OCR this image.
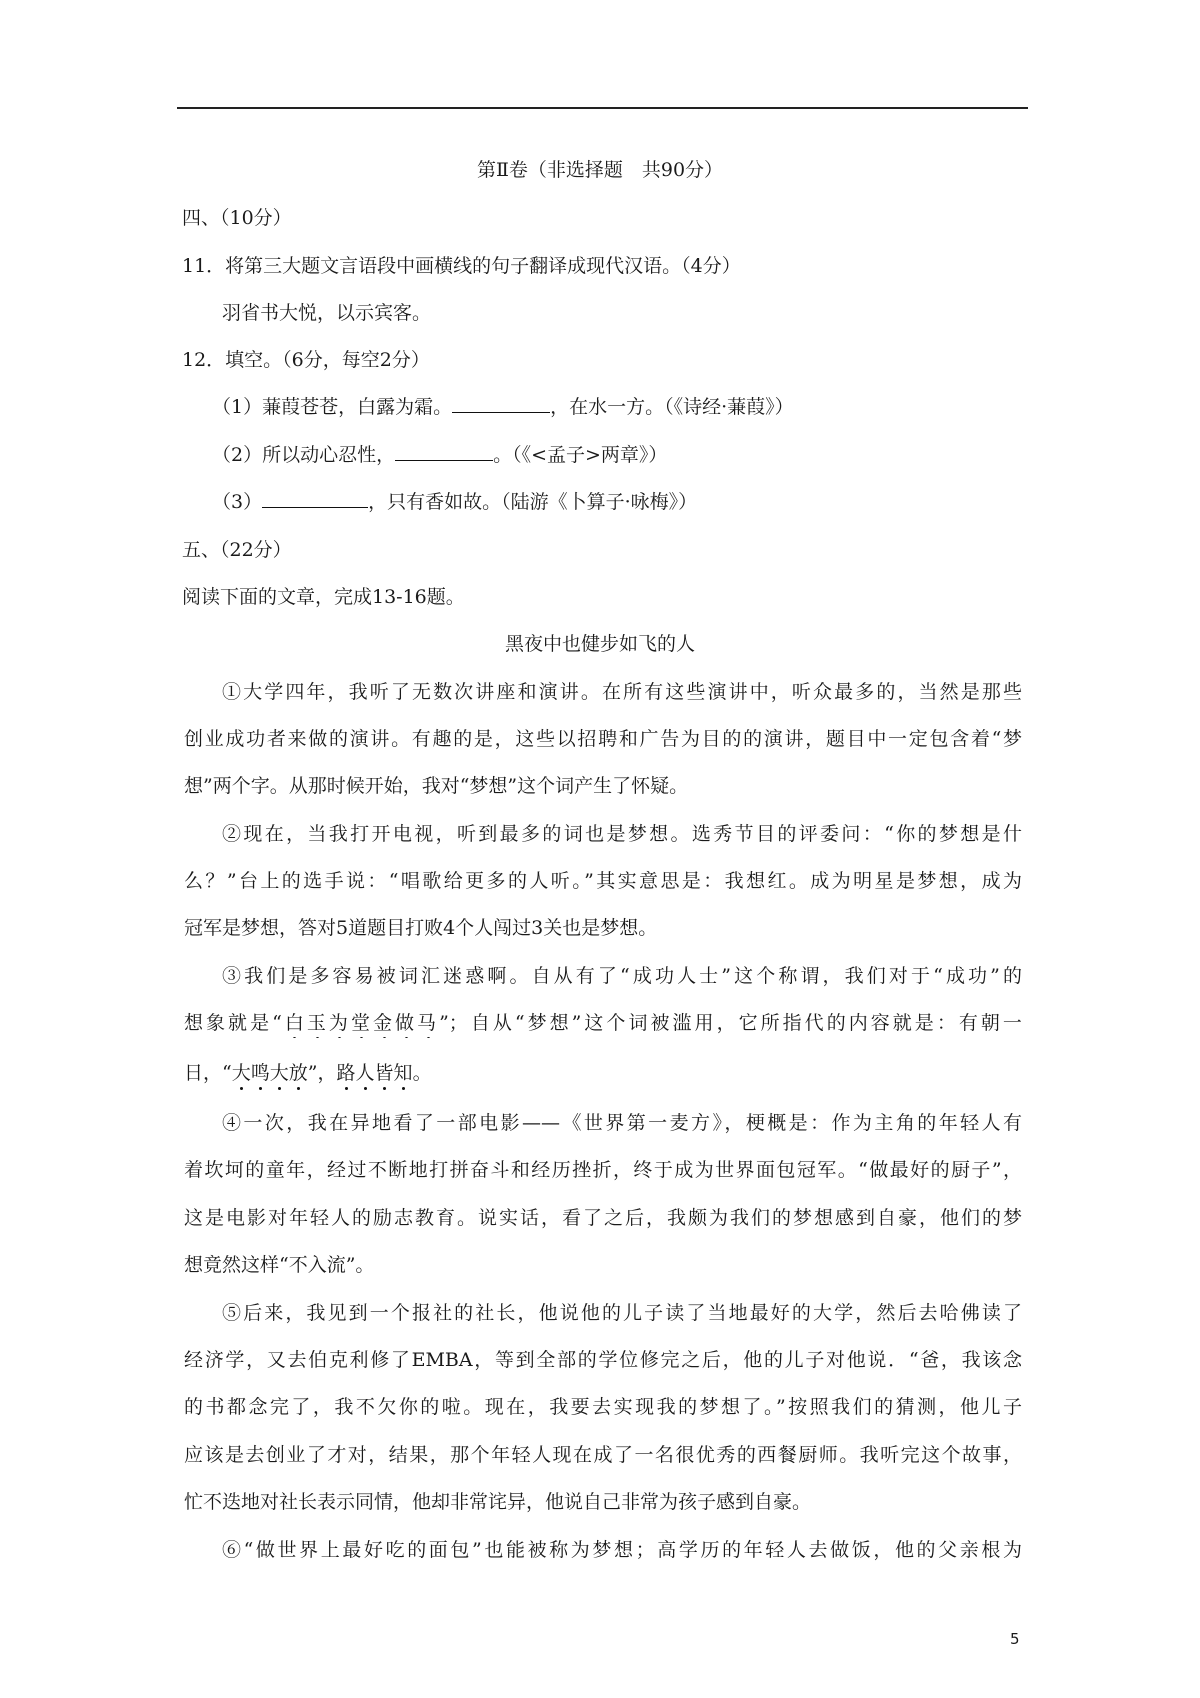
第Ⅱ卷（非选择题　共90分）
四、（10分）
11．将第三大题文言语段中画横线的句子翻译成现代汉语。（4分）
羽省书大悦，以示宾客。
12．填空。（6分，每空2分）
（1）蒹葭苍苍，白露为霜。	，在水一方。（《诗经·蒹葭》）
（2）所以动心忍性，	。（《<孟子>两章》）
（3）	，只有香如故。（陆游《卜算子·咏梅》）
五、（22分）
阅读下面的文章，完成13-16题。
黑夜中也健步如飞的人
①大学四年，我听了无数次讲座和演讲。在所有这些演讲中，听众最多的，当然是那些
创业成功者来做的演讲。有趣的是，这些以招聘和广告为目的的演讲，题目中一定包含着“梦
想”两个字。从那时候开始，我对“梦想”这个词产生了怀疑。
②现在，当我打开电视，听到最多的词也是梦想。选秀节目的评委问：“你的梦想是什
么？”台上的选手说：“唱歌给更多的人听。”其实意思是：我想红。成为明星是梦想，成为
冠军是梦想，答对5道题目打败4个人闯过3关也是梦想。
③我们是多容易被词汇迷惑啊。自从有了“成功人士”这个称谓，我们对于“成功”的
想象就是“白玉为堂金做马”；自从“梦想”这个词被滥用，它所指代的内容就是：有朝一
日，“大鸣大放”，路人皆知。
④一次，我在异地看了一部电影——《世界第一麦方》，梗概是：作为主角的年轻人有
着坎坷的童年，经过不断地打拼奋斗和经历挫折，终于成为世界面包冠军。“做最好的厨子”，
这是电影对年轻人的励志教育。说实话，看了之后，我颇为我们的梦想感到自豪，他们的梦
想竟然这样“不入流”。
⑤后来，我见到一个报社的社长，他说他的儿子读了当地最好的大学，然后去哈佛读了
经济学，又去伯克利修了EMBA，等到全部的学位修完之后，他的儿子对他说．“爸，我该念
的书都念完了，我不欠你的啦。现在，我要去实现我的梦想了。”按照我们的猜测，他儿子
应该是去创业了才对，结果，那个年轻人现在成了一名很优秀的西餐厨师。我听完这个故事，
忙不迭地对社长表示同情，他却非常诧异，他说自己非常为孩子感到自豪。
⑥“做世界上最好吃的面包”也能被称为梦想；高学历的年轻人去做饭，他的父亲根为
5
